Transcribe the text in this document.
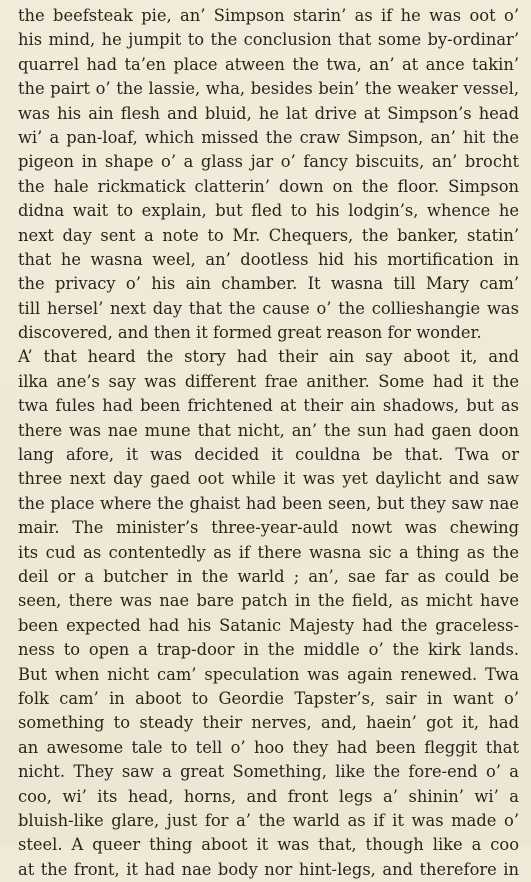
the beefsteak pie, an’ Simpson starin’ as if he was oot o’
his mind, he jumpit to the conclusion that some by-ordinar’
quarrel had ta’en place atween the twa, an’ at ance takin’
the pairt o’ the lassie, wha, besides bein’ the weaker vessel,
was his ain flesh and bluid, he lat drive at Simpson’s head
wi’ a pan-loaf, which missed the craw Simpson, an’ hit the
pigeon in shape o’ a glass jar o’ fancy biscuits, an’ brocht
the hale rickmatick clatterin’ down on the floor. Simpson
didna wait to explain, but fled to his lodgin’s, whence he
next day sent a note to Mr. Chequers, the banker, statin’
that he wasna weel, an’ dootless hid his mortification in
the privacy o’ his ain chamber. It wasna till Mary cam’
till hersel’ next day that the cause o’ the collieshangie was
discovered, and then it formed great reason for wonder.
A’ that heard the story had their ain say aboot it, and
ilka ane’s say was different frae anither. Some had it the
twa fules had been frichtened at their ain shadows, but as
there was nae mune that nicht, an’ the sun had gaen doon
lang afore, it was decided it couldna be that. Twa or
three next day gaed oot while it was yet daylicht and saw
the place where the ghaist had been seen, but they saw nae
mair. The minister’s three-year-auld nowt was chewing
its cud as contentedly as if there wasna sic a thing as the
deil or a butcher in the warld ; an’, sae far as could be
seen, there was nae bare patch in the field, as micht have
been expected had his Satanic Majesty had the graceless-
ness to open a trap-door in the middle o’ the kirk lands.
But when nicht cam’ speculation was again renewed. Twa
folk cam’ in aboot to Geordie Tapster’s, sair in want o’
something to steady their nerves, and, haein’ got it, had
an awesome tale to tell o’ hoo they had been fleggit that
nicht. They saw a great Something, like the fore-end o’ a
coo, wi’ its head, horns, and front legs a’ shinin’ wi’ a
bluish-like glare, just for a’ the warld as if it was made o’
steel. A queer thing aboot it was that, though like a coo
at the front, it had nae body nor hint-legs, and therefore in
